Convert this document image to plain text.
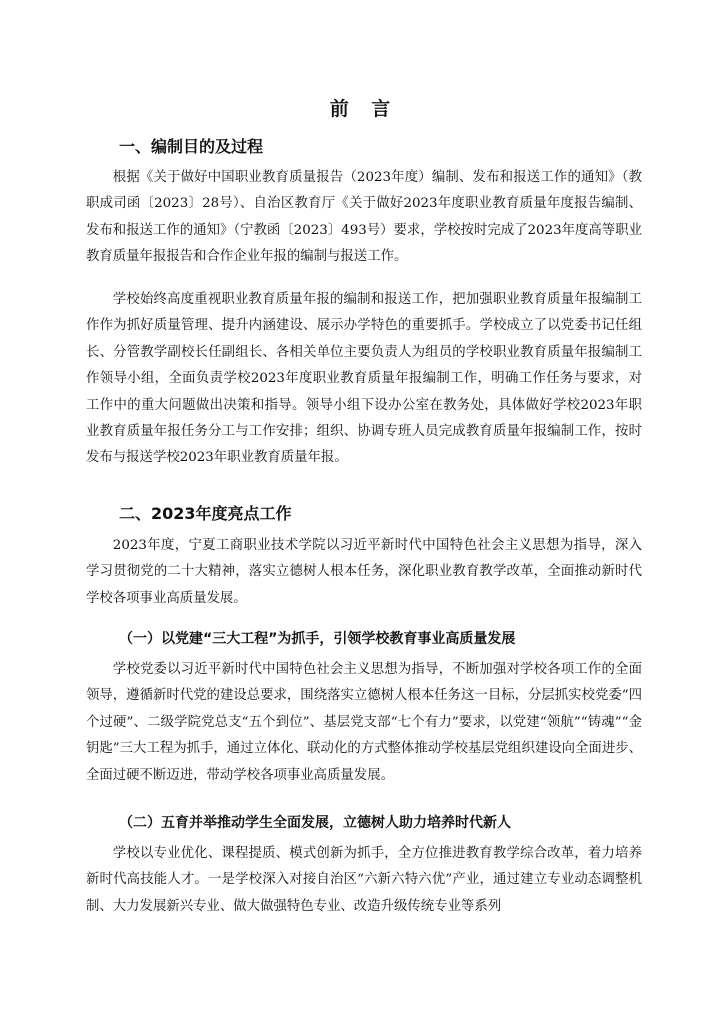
前 言
一、编制目的及过程

根据《关于做好中国职业教育质量报告（2023年度）编制、发布和报送工作的通知》（教职成司函〔2023〕28号）、自治区教育厅《关于做好2023年度职业教育质量年度报告编制、发布和报送工作的通知》（宁教函〔2023〕493号）要求，学校按时完成了2023年度高等职业教育质量年报报告和合作企业年报的编制与报送工作。

学校始终高度重视职业教育质量年报的编制和报送工作，把加强职业教育质量年报编制工作作为抓好质量管理、提升内涵建设、展示办学特色的重要抓手。学校成立了以党委书记任组长、分管教学副校长任副组长、各相关单位主要负责人为组员的学校职业教育质量年报编制工作领导小组，全面负责学校2023年度职业教育质量年报编制工作，明确工作任务与要求，对工作中的重大问题做出决策和指导。领导小组下设办公室在教务处，具体做好学校2023年职业教育质量年报任务分工与工作安排；组织、协调专班人员完成教育质量年报编制工作，按时发布与报送学校2023年职业教育质量年报。

二、2023年度亮点工作

2023年度，宁夏工商职业技术学院以习近平新时代中国特色社会主义思想为指导，深入学习贯彻党的二十大精神，落实立德树人根本任务，深化职业教育教学改革，全面推动新时代学校各项事业高质量发展。

（一）以党建“三大工程”为抓手，引领学校教育事业高质量发展

学校党委以习近平新时代中国特色社会主义思想为指导，不断加强对学校各项工作的全面领导，遵循新时代党的建设总要求，围绕落实立德树人根本任务这一目标，分层抓实校党委“四个过硬”、二级学院党总支“五个到位”、基层党支部“七个有力”要求，以党建“领航”“铸魂”“金钥匙”三大工程为抓手，通过立体化、联动化的方式整体推动学校基层党组织建设向全面进步、全面过硬不断迈进，带动学校各项事业高质量发展。

（二）五育并举推动学生全面发展，立德树人助力培养时代新人

学校以专业优化、课程提质、模式创新为抓手，全方位推进教育教学综合改革，着力培养新时代高技能人才。一是学校深入对接自治区“六新六特六优”产业，通过建立专业动态调整机制、大力发展新兴专业、做大做强特色专业、改造升级传统专业等系列
